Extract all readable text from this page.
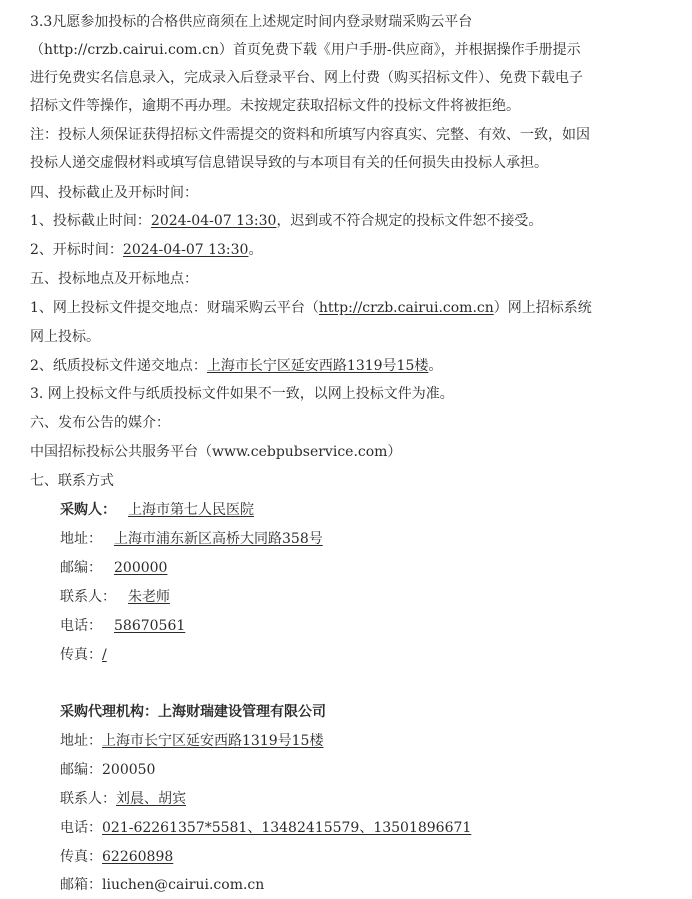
3.3凡愿参加投标的合格供应商须在上述规定时间内登录财瑞采购云平台
（http://crzb.cairui.com.cn）首页免费下载《用户手册-供应商》，并根据操作手册提示
进行免费实名信息录入，完成录入后登录平台、网上付费（购买招标文件）、免费下载电子
招标文件等操作，逾期不再办理。未按规定获取招标文件的投标文件将被拒绝。
注：投标人须保证获得招标文件需提交的资料和所填写内容真实、完整、有效、一致，如因
投标人递交虚假材料或填写信息错误导致的与本项目有关的任何损失由投标人承担。
四、投标截止及开标时间：
1、投标截止时间：2024-04-07 13:30，迟到或不符合规定的投标文件恕不接受。
2、开标时间：2024-04-07 13:30。
五、投标地点及开标地点：
1、网上投标文件提交地点：财瑞采购云平台（http://crzb.cairui.com.cn）网上招标系统
网上投标。
2、纸质投标文件递交地点：上海市长宁区延安西路1319号15楼。
3. 网上投标文件与纸质投标文件如果不一致，以网上投标文件为准。
六、发布公告的媒介：
中国招标投标公共服务平台（www.cebpubservice.com）
七、联系方式
采购人： 上海市第七人民医院
地址： 上海市浦东新区高桥大同路358号
邮编： 200000
联系人： 朱老师
电话： 58670561
传真：/
采购代理机构：上海财瑞建设管理有限公司
地址：上海市长宁区延安西路1319号15楼
邮编：200050
联系人：刘晨、胡宾
电话：021-62261357*5581、13482415579、13501896671
传真：62260898
邮箱：liuchen@cairui.com.cn
